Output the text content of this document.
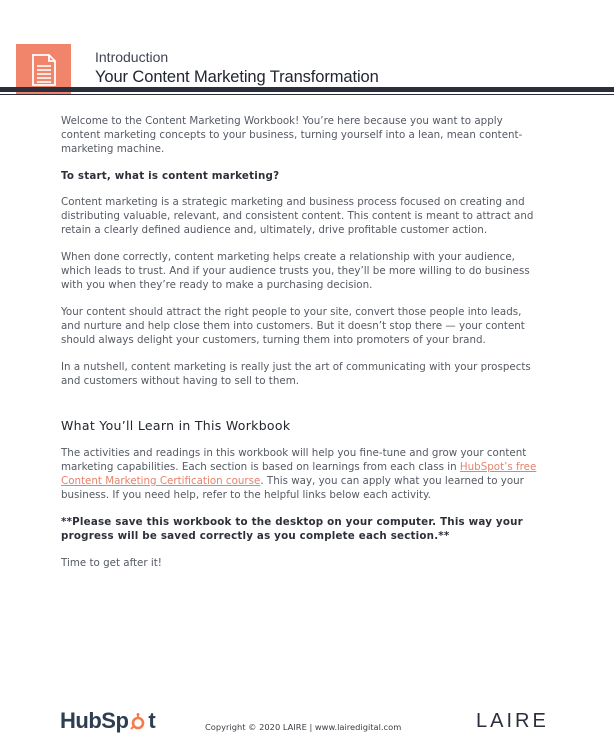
Introduction
Your Content Marketing Transformation

Welcome to the Content Marketing Workbook! You’re here because you want to apply content marketing concepts to your business, turning yourself into a lean, mean content-marketing machine.

To start, what is content marketing?

Content marketing is a strategic marketing and business process focused on creating and distributing valuable, relevant, and consistent content. This content is meant to attract and retain a clearly defined audience and, ultimately, drive profitable customer action.

When done correctly, content marketing helps create a relationship with your audience, which leads to trust. And if your audience trusts you, they’ll be more willing to do business with you when they’re ready to make a purchasing decision.

Your content should attract the right people to your site, convert those people into leads, and nurture and help close them into customers. But it doesn’t stop there — your content should always delight your customers, turning them into promoters of your brand.

In a nutshell, content marketing is really just the art of communicating with your prospects and customers without having to sell to them.

What You’ll Learn in This Workbook

The activities and readings in this workbook will help you fine-tune and grow your content marketing capabilities. Each section is based on learnings from each class in HubSpot’s free Content Marketing Certification course. This way, you can apply what you learned to your business. If you need help, refer to the helpful links below each activity.

**Please save this workbook to the desktop on your computer. This way your progress will be saved correctly as you complete each section.**

Time to get after it!

HubSp t	Copyright © 2020 LAIRE | www.lairedigital.com	LAIRE
